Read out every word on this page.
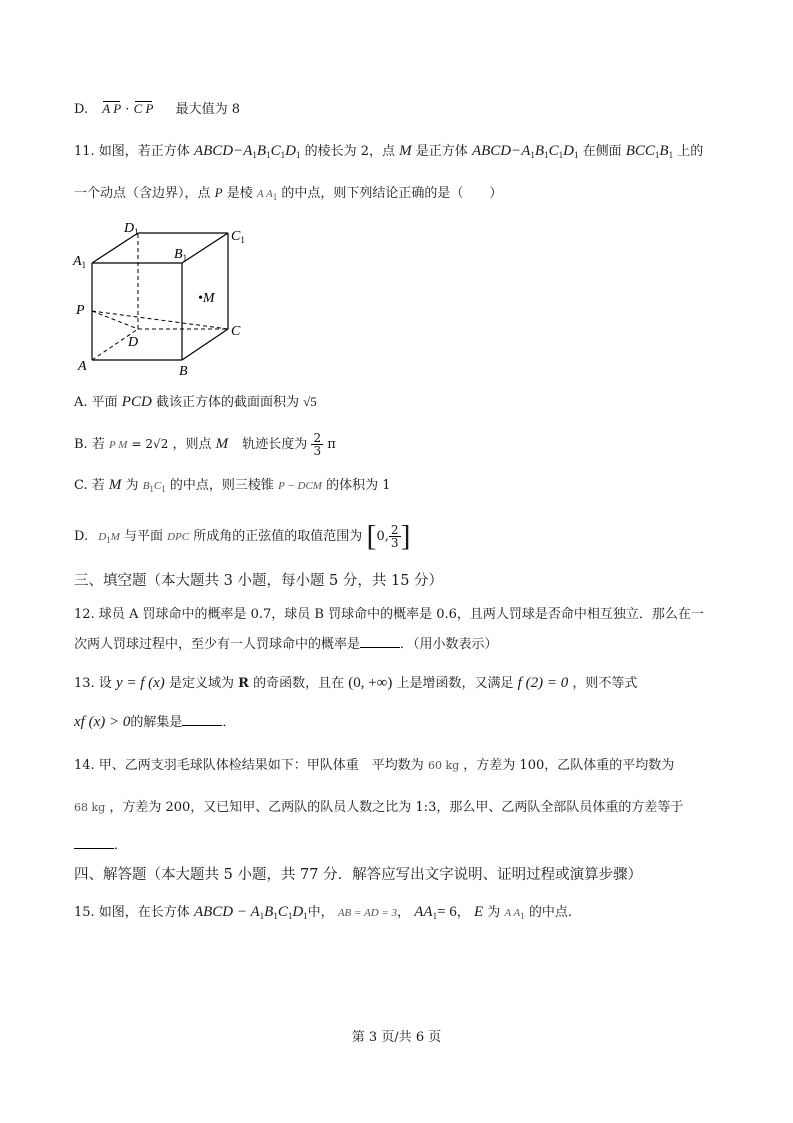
D. A P · C P 最大值为 8
11. 如图，若正方体 $ABCD-A_1B_1C_1D_1$ 的棱长为 2，点 M 是正方体 $ABCD-A_1B_1C_1D_1$ 在侧面 $BCC_1B_1$ 上的
一个动点（含边界），点 P 是棱 A $A_1$ 的中点，则下列结论正确的是（　　）
$D_1$	$C_1$
$A_1$
$B_1$
•M
P
C
D
A	B
A. 平面 PCD 截该正方体的截面面积为 √5
B. 若 P M = 2√2 ，则点 M 轨迹长度为 $\frac{2}{3}$ π
C. 若 M 为 $B_1C_1$ 的中点，则三棱锥 P − DCM 的体积为 1
D. $D_1M$ 与平面 DPC 所成角的正弦值的取值范围为 [0, $\frac{2}{3}$ ]
三、填空题（本大题共 3 小题，每小题 5 分，共 15 分）
12. 球员 A 罚球命中的概率是 0.7，球员 B 罚球命中的概率是 0.6，且两人罚球是否命中相互独立．那么在一
次两人罚球过程中，至少有一人罚球命中的概率是	．（用小数表示）
13. 设 y = f (x) 是定义域为 R 的奇函数，且在 (0, +∞) 上是增函数，又满足 f (2) = 0 ，则不等式
xf (x) > 0的解集是	．
14. 甲、乙两支羽毛球队体检结果如下：甲队体重　平均数为 60 kg ，方差为 100，乙队体重的平均数为
68 kg ，方差为 200，又已知甲、乙两队的队员人数之比为 1:3，那么甲、乙两队全部队员体重的方差等于
．
四、解答题（本大题共 5 小题，共 77 分．解答应写出文字说明、证明过程或演算步骤）
15. 如图，在长方体 ABCD − $A_1B_1C_1D_1$中， AB = AD = 3， $AA_1= 6$， E 为 A $A_1$ 的中点.
第 3 页/共 6 页
